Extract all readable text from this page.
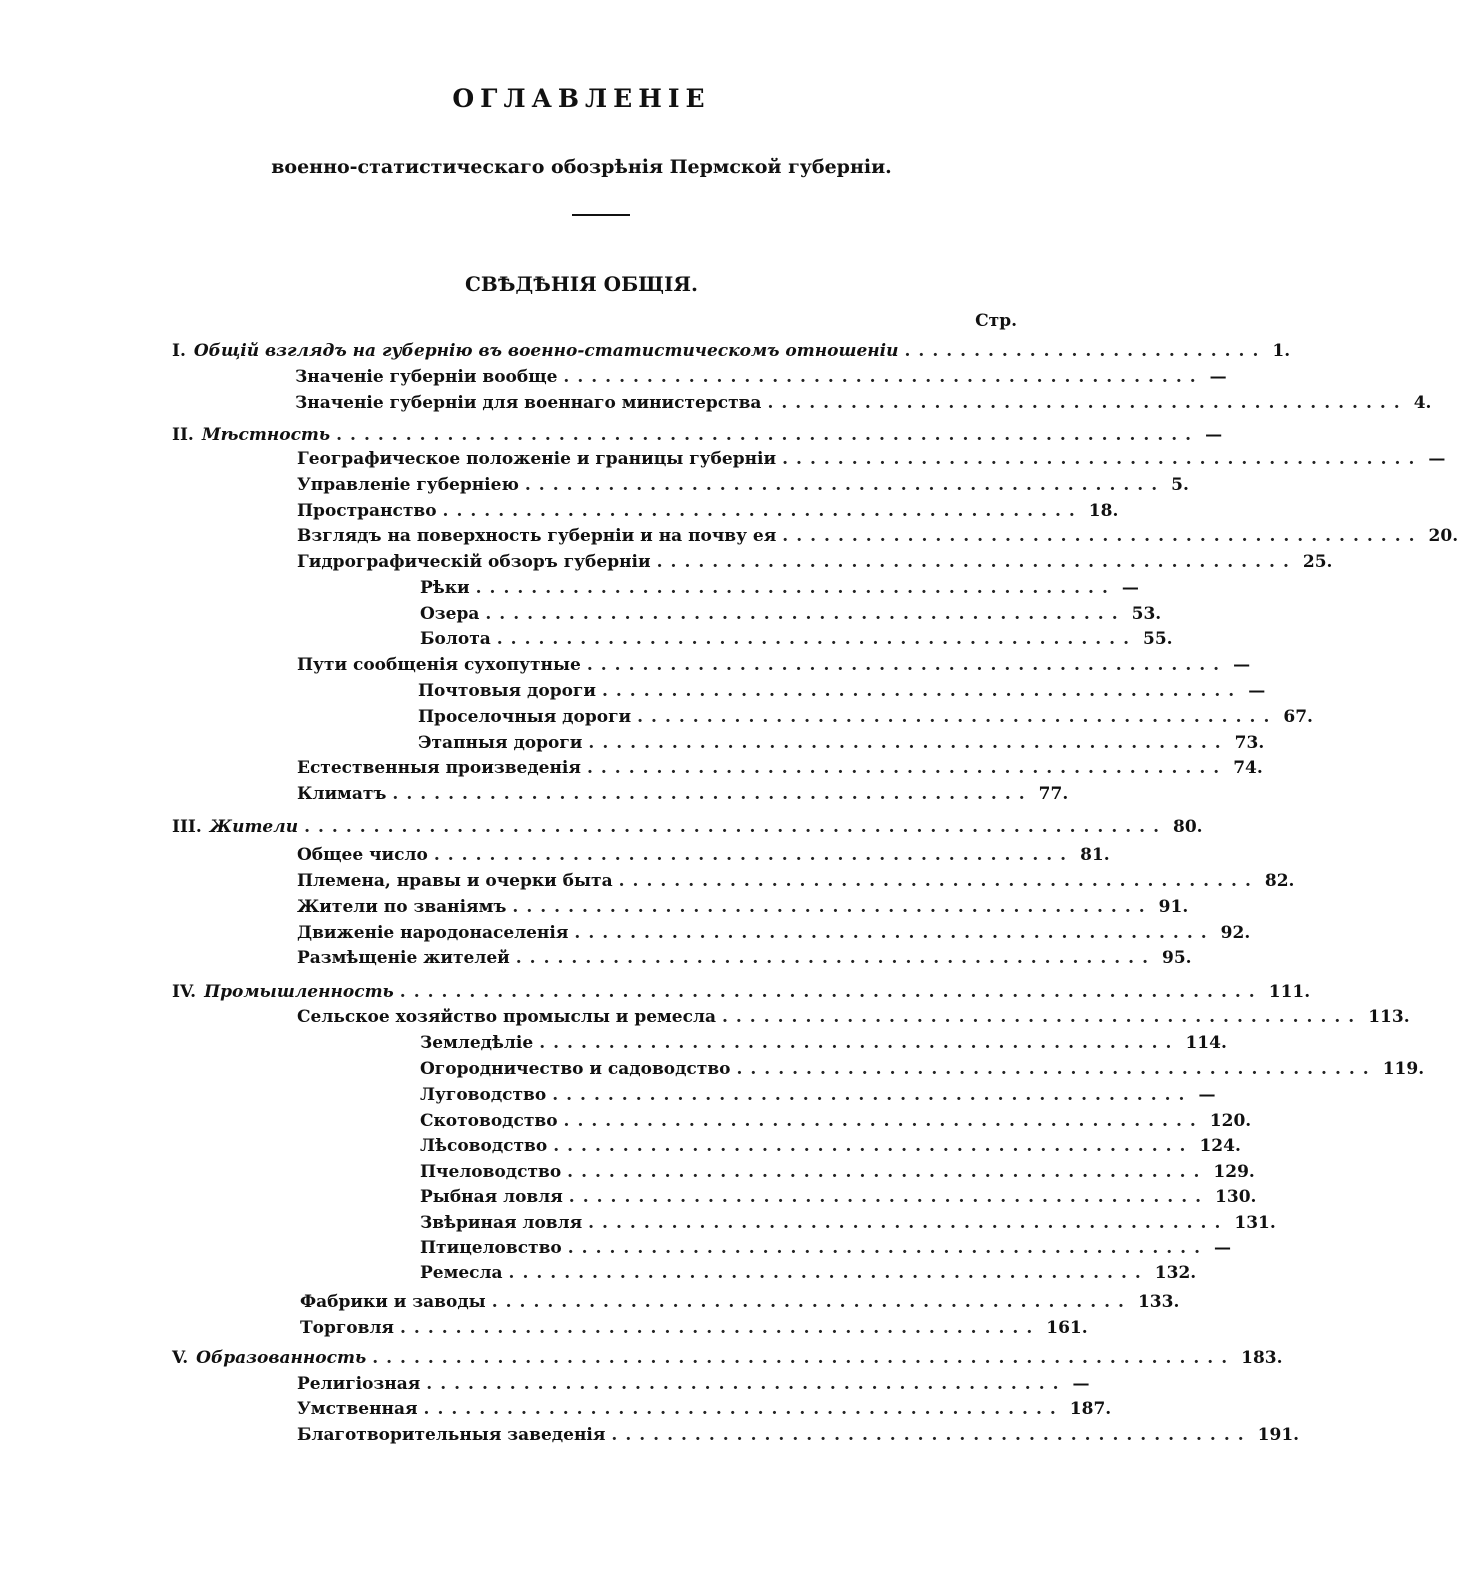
ОГЛАВЛЕНIЕ
военно-статистическаго обозрѣнiя Пермской губернiи.
СВѢДѢНIЯ ОБЩIЯ.
Стр.
I. Общiй взглядъ на губернiю въ военно-статистическомъ отношенiи .......................... 1.
Значенiе губернiи вообще .............................................. —
Значенiе губернiи для военнаго министерства .............................................. 4.
II. Мѣстность .............................................................. —
Географическое положенiе и границы губернiи .............................................. —
Управленiе губернiею .............................................. 5.
Пространство .............................................. 18.
Взглядъ на поверхность губернiи и на почву ея .............................................. 20.
Гидрографическiй обзоръ губернiи .............................................. 25.
Рѣки .............................................. —
Озера .............................................. 53.
Болота .............................................. 55.
Пути сообщенiя сухопутные .............................................. —
Почтовыя дороги .............................................. —
Проселочныя дороги .............................................. 67.
Этапныя дороги .............................................. 73.
Естественныя произведенiя .............................................. 74.
Климатъ .............................................. 77.
III. Жители .............................................................. 80.
Общее число .............................................. 81.
Племена, нравы и очерки быта .............................................. 82.
Жители по званiямъ .............................................. 91.
Движенiе народонаселенiя .............................................. 92.
Размѣщенiе жителей .............................................. 95.
IV. Промышленность .............................................................. 111.
Сельское хозяйство промыслы и ремесла .............................................. 113.
Земледѣлiе .............................................. 114.
Огородничество и садоводство .............................................. 119.
Луговодство .............................................. —
Скотоводство .............................................. 120.
Лѣсоводство .............................................. 124.
Пчеловодство .............................................. 129.
Рыбная ловля .............................................. 130.
Звѣриная ловля .............................................. 131.
Птицеловство .............................................. —
Ремесла .............................................. 132.
Фабрики и заводы .............................................. 133.
Торговля .............................................. 161.
V. Образованность .............................................................. 183.
Религiозная .............................................. —
Умственная .............................................. 187.
Благотворительныя заведенiя .............................................. 191.
